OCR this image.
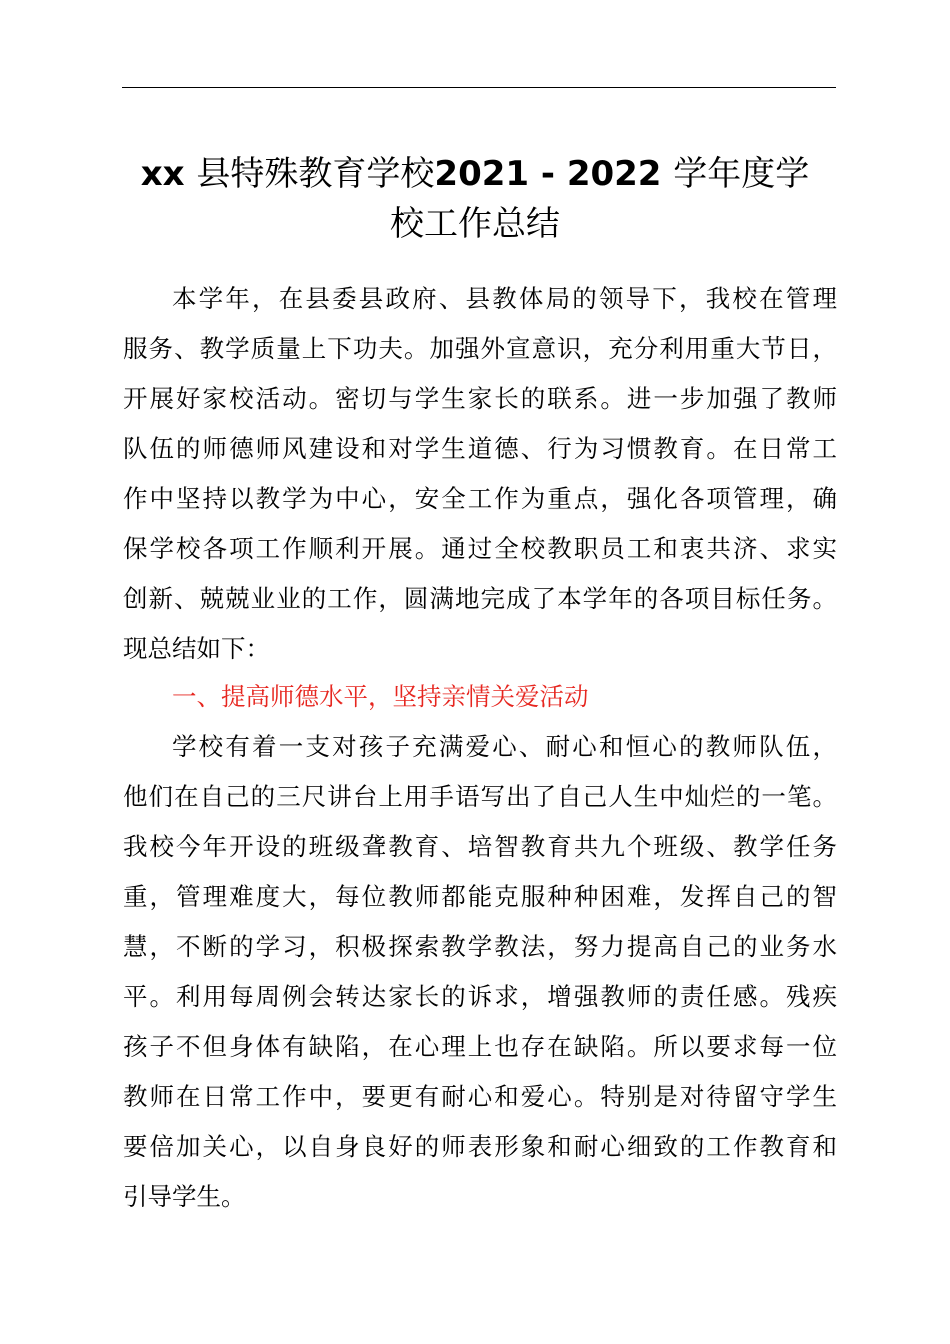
xx 县特殊教育学校2021 - 2022 学年度学
校工作总结

本学年，在县委县政府、县教体局的领导下，我校在管理

服务、教学质量上下功夫。加强外宣意识，充分利用重大节日，

开展好家校活动。密切与学生家长的联系。进一步加强了教师

队伍的师德师风建设和对学生道德、行为习惯教育。在日常工

作中坚持以教学为中心，安全工作为重点，强化各项管理，确

保学校各项工作顺利开展。通过全校教职员工和衷共济、求实

创新、兢兢业业的工作，圆满地完成了本学年的各项目标任务。

现总结如下：

一、提高师德水平，坚持亲情关爱活动

学校有着一支对孩子充满爱心、耐心和恒心的教师队伍，

他们在自己的三尺讲台上用手语写出了自己人生中灿烂的一笔。

我校今年开设的班级聋教育、培智教育共九个班级、教学任务

重，管理难度大，每位教师都能克服种种困难，发挥自己的智

慧，不断的学习，积极探索教学教法，努力提高自己的业务水

平。利用每周例会转达家长的诉求，增强教师的责任感。残疾

孩子不但身体有缺陷，在心理上也存在缺陷。所以要求每一位

教师在日常工作中，要更有耐心和爱心。特别是对待留守学生

要倍加关心，以自身良好的师表形象和耐心细致的工作教育和

引导学生。
